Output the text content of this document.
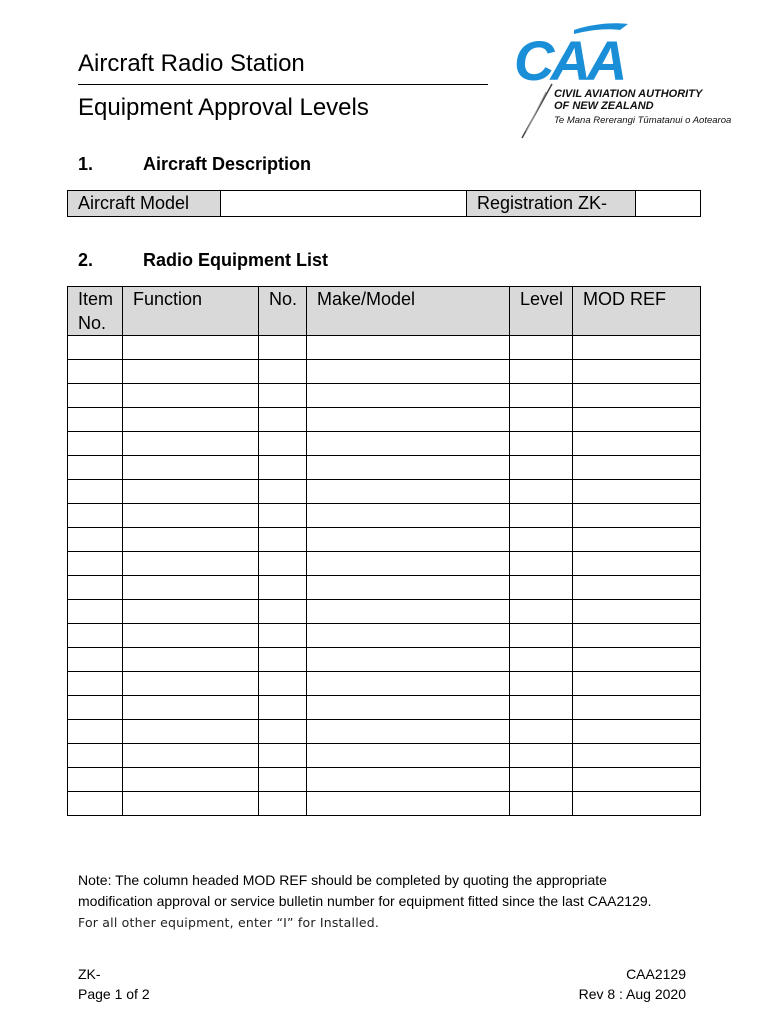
Aircraft Radio Station
Equipment Approval Levels
CAA
CIVIL AVIATION AUTHORITY
OF NEW ZEALAND
Te Mana Rererangi Tūmatanui o Aotearoa
1.	Aircraft Description
Aircraft Model		Registration ZK-	
2.	Radio Equipment List
Item
No.	Function	No.	Make/Model	Level	MOD REF

Note: The column headed MOD REF should be completed by quoting the appropriate
modification approval or service bulletin number for equipment fitted since the last CAA2129.
For all other equipment, enter “I” for Installed.
ZK-
Page 1 of 2
CAA2129
Rev 8 : Aug 2020
